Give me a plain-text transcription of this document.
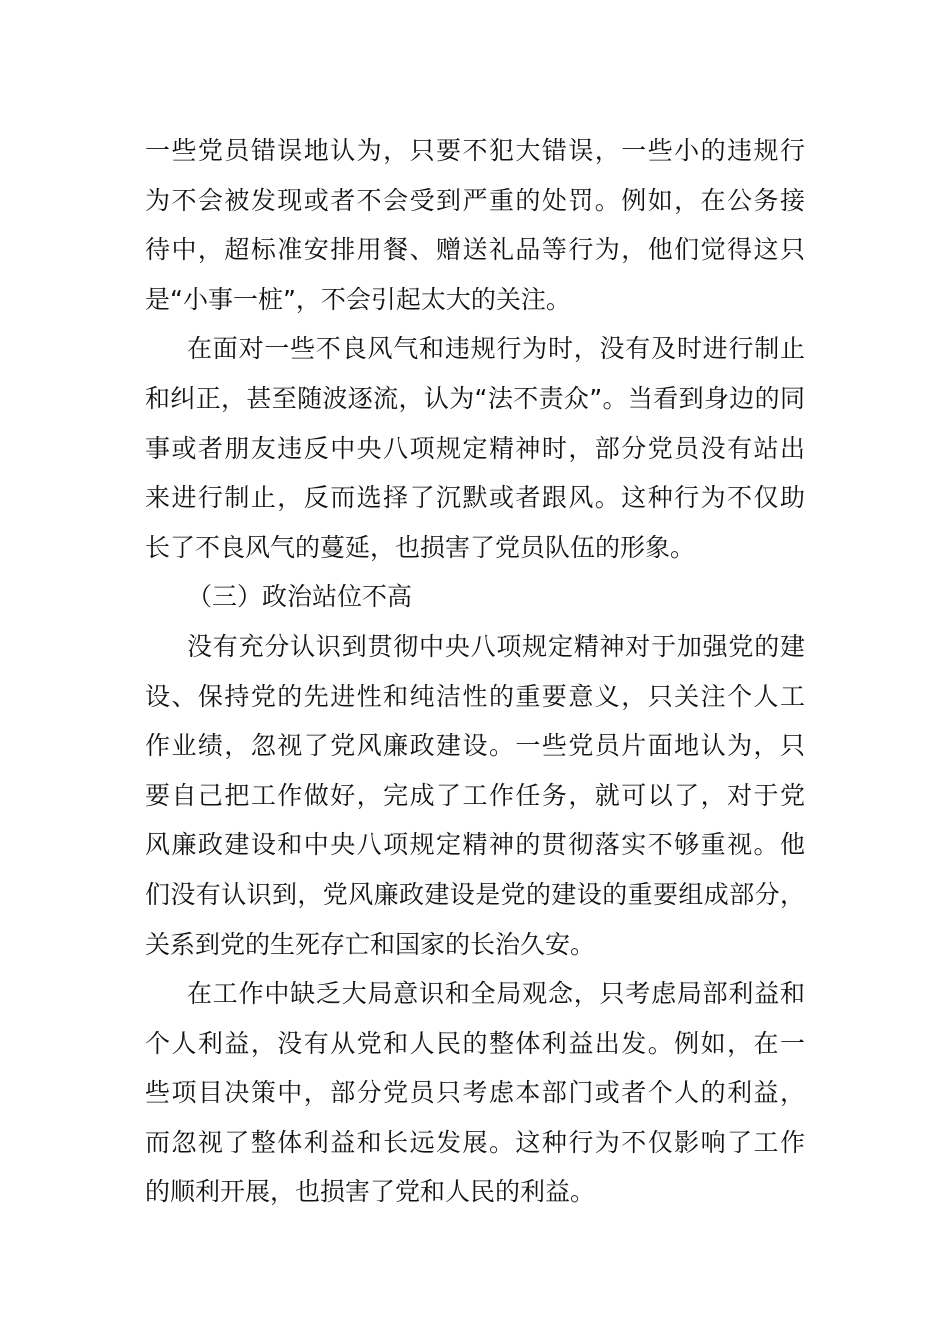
一些党员错误地认为，只要不犯大错误，一些小的违规行
为不会被发现或者不会受到严重的处罚。例如，在公务接
待中，超标准安排用餐、赠送礼品等行为，他们觉得这只
是“小事一桩”，不会引起太大的关注。
在面对一些不良风气和违规行为时，没有及时进行制止
和纠正，甚至随波逐流，认为“法不责众”。当看到身边的同
事或者朋友违反中央八项规定精神时，部分党员没有站出
来进行制止，反而选择了沉默或者跟风。这种行为不仅助
长了不良风气的蔓延，也损害了党员队伍的形象。
（三）政治站位不高
没有充分认识到贯彻中央八项规定精神对于加强党的建
设、保持党的先进性和纯洁性的重要意义，只关注个人工
作业绩，忽视了党风廉政建设。一些党员片面地认为，只
要自己把工作做好，完成了工作任务，就可以了，对于党
风廉政建设和中央八项规定精神的贯彻落实不够重视。他
们没有认识到，党风廉政建设是党的建设的重要组成部分，
关系到党的生死存亡和国家的长治久安。
在工作中缺乏大局意识和全局观念，只考虑局部利益和
个人利益，没有从党和人民的整体利益出发。例如，在一
些项目决策中，部分党员只考虑本部门或者个人的利益，
而忽视了整体利益和长远发展。这种行为不仅影响了工作
的顺利开展，也损害了党和人民的利益。
